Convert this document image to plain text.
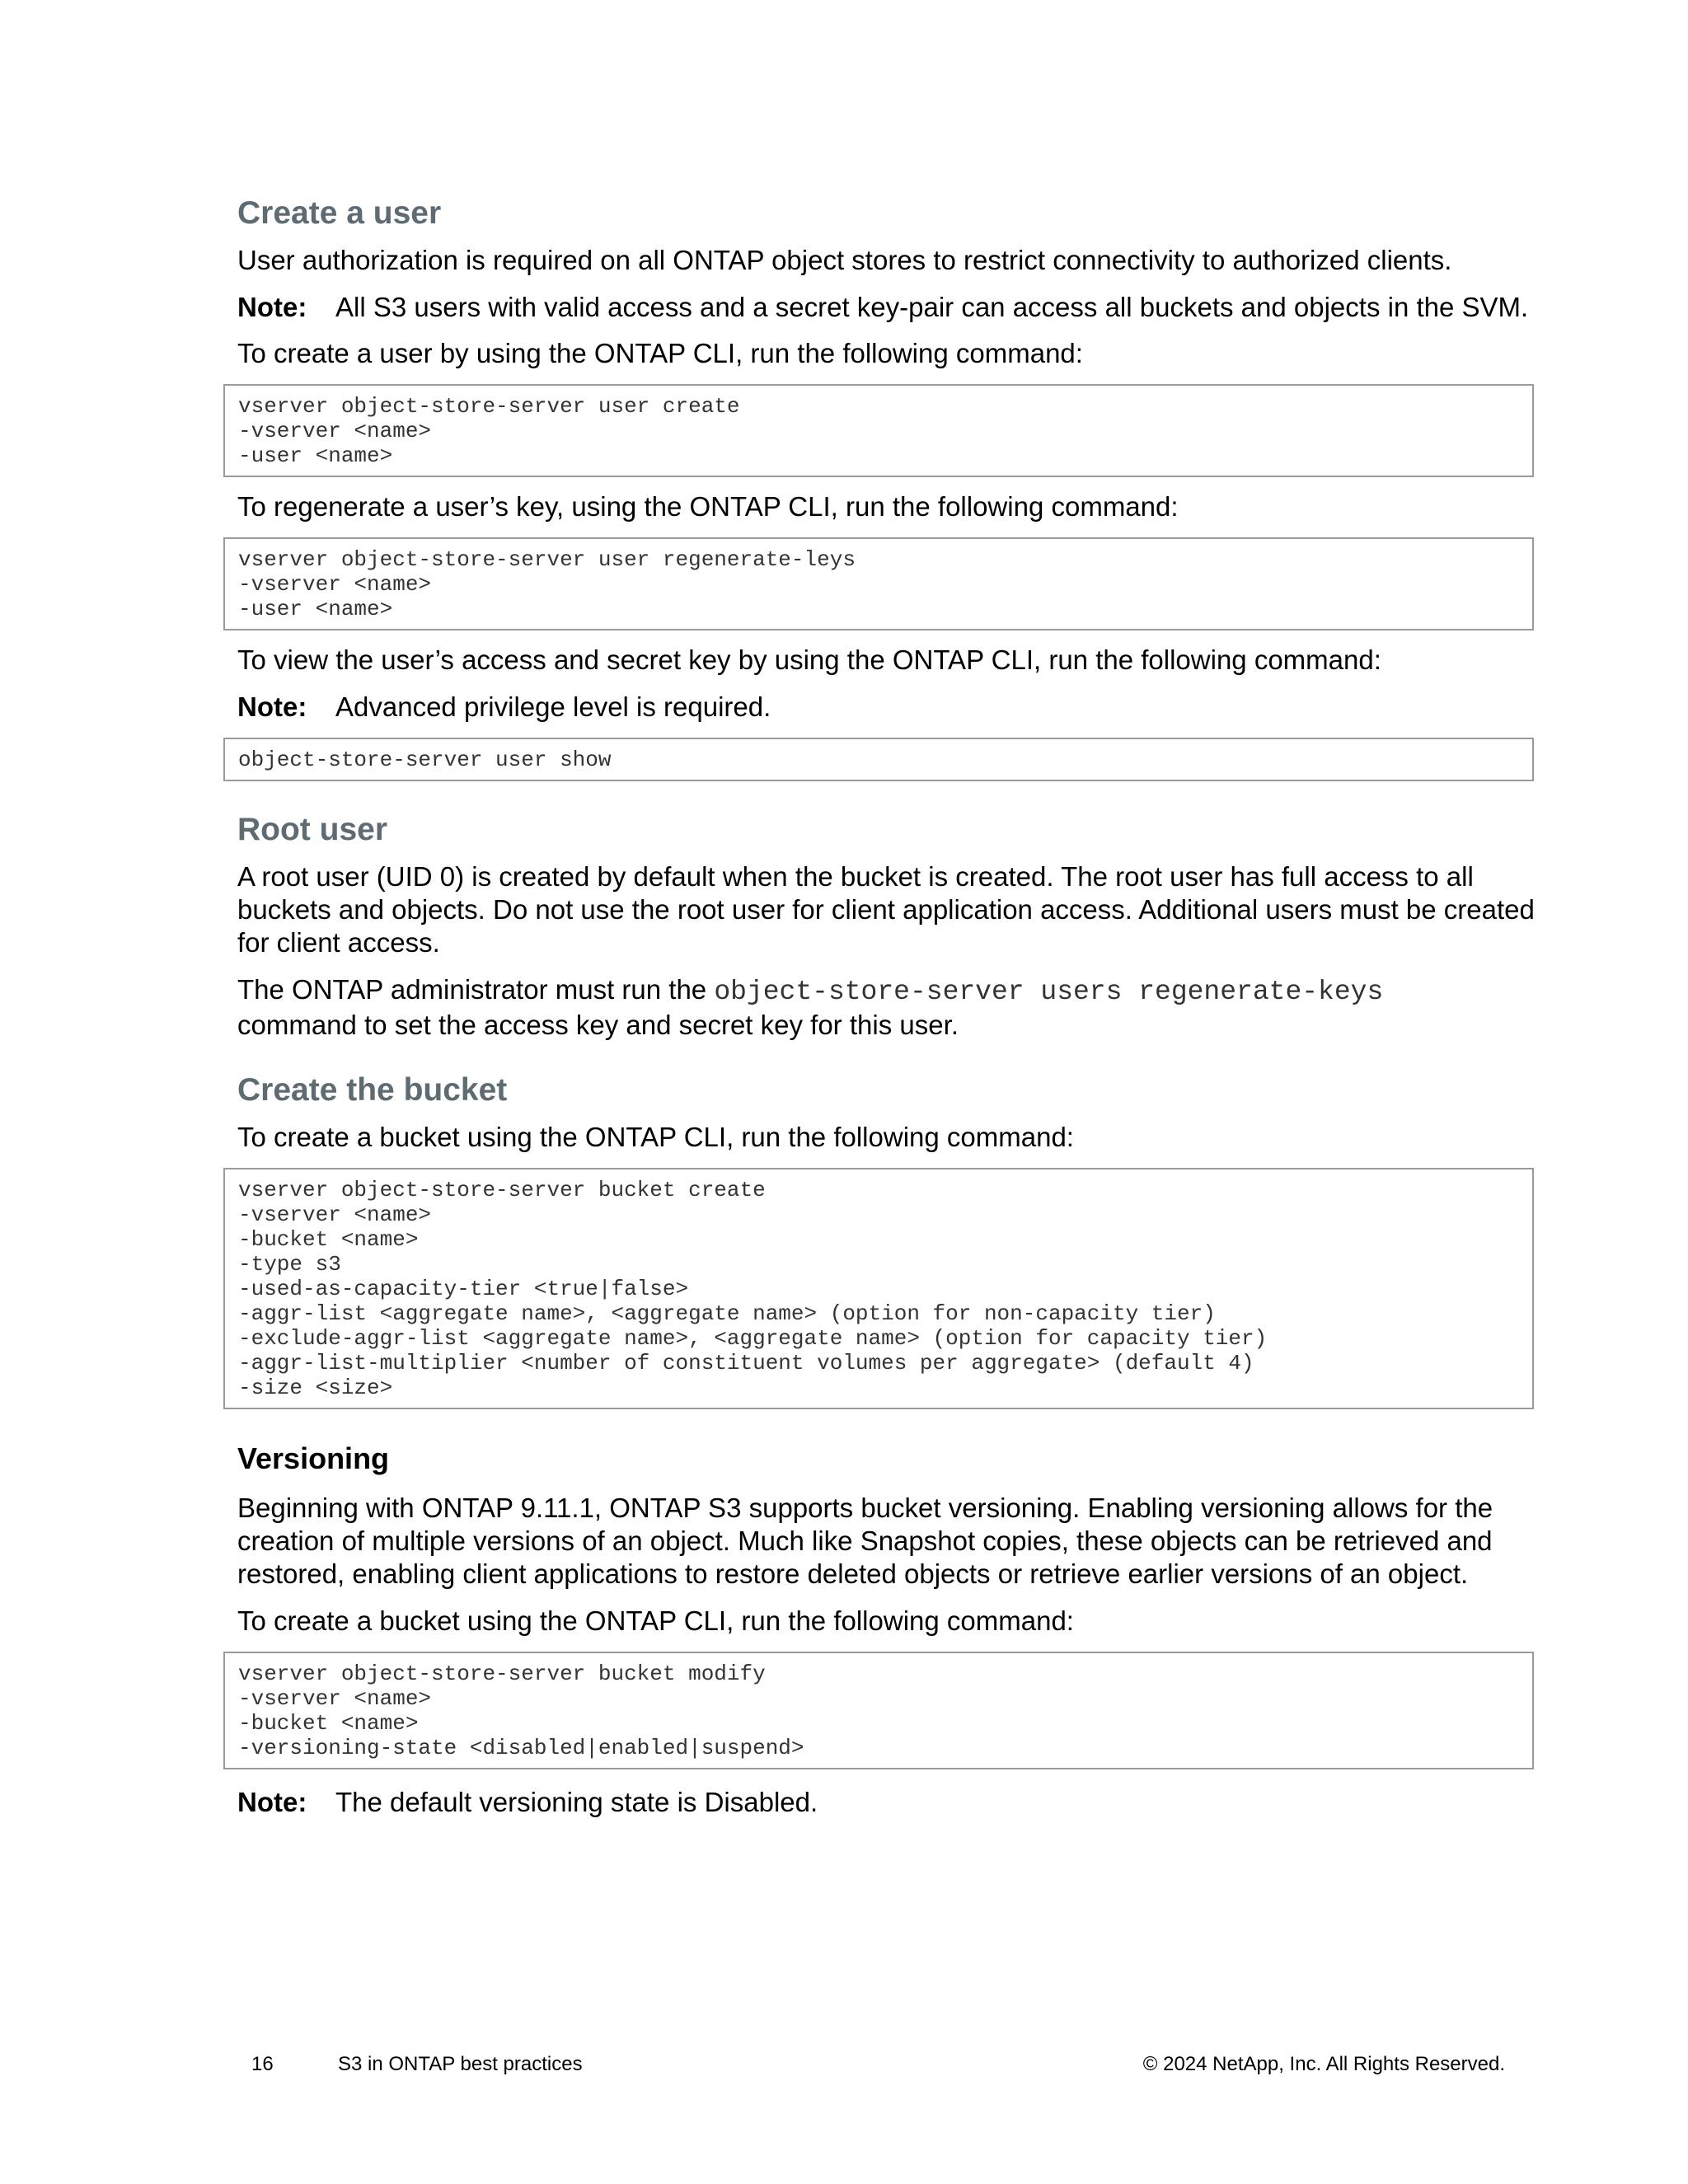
Create a user

User authorization is required on all ONTAP object stores to restrict connectivity to authorized clients.

Note:	All S3 users with valid access and a secret key-pair can access all buckets and objects in the SVM.

To create a user by using the ONTAP CLI, run the following command:

vserver object-store-server user create
-vserver <name>
-user <name>

To regenerate a user’s key, using the ONTAP CLI, run the following command:

vserver object-store-server user regenerate-leys
-vserver <name>
-user <name>

To view the user’s access and secret key by using the ONTAP CLI, run the following command:

Note:	Advanced privilege level is required.
object-store-server user show
Root user

A root user (UID 0) is created by default when the bucket is created. The root user has full access to all buckets and objects. Do not use the root user for client application access. Additional users must be created for client access.

The ONTAP administrator must run the object-store-server users regenerate-keys
command to set the access key and secret key for this user.

Create the bucket

To create a bucket using the ONTAP CLI, run the following command:

vserver object-store-server bucket create
-vserver <name>
-bucket <name>
-type s3
-used-as-capacity-tier <true|false>
-aggr-list <aggregate name>, <aggregate name> (option for non-capacity tier)
-exclude-aggr-list <aggregate name>, <aggregate name> (option for capacity tier)
-aggr-list-multiplier <number of constituent volumes per aggregate> (default 4)
-size <size>
Versioning

Beginning with ONTAP 9.11.1, ONTAP S3 supports bucket versioning. Enabling versioning allows for the creation of multiple versions of an object. Much like Snapshot copies, these objects can be retrieved and restored, enabling client applications to restore deleted objects or retrieve earlier versions of an object.

To create a bucket using the ONTAP CLI, run the following command:

vserver object-store-server bucket modify
-vserver <name>
-bucket <name>
-versioning-state <disabled|enabled|suspend>
Note:	The default versioning state is Disabled.
16	S3 in ONTAP best practices	© 2024 NetApp, Inc. All Rights Reserved.
